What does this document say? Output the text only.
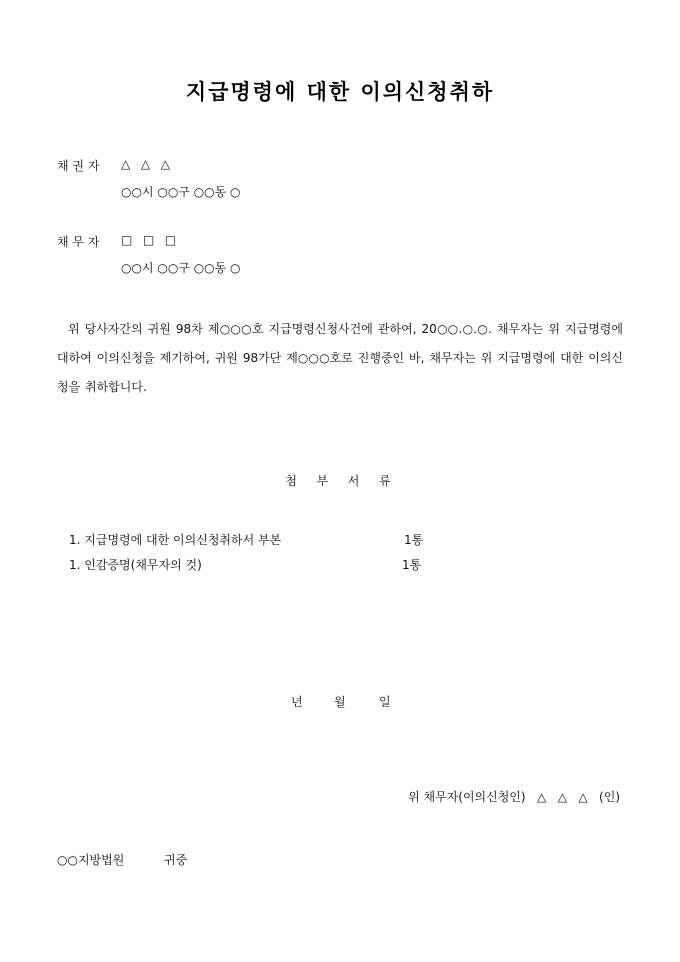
지급명령에 대한 이의신청취하
채 권 자 △  △  △
○○시 ○○구 ○○동 ○
채 무 자 □  □  □
○○시 ○○구 ○○동 ○
위 당사자간의 귀원 98차 제○○○호 지급명령신청사건에 관하여, 20○○.○.○. 채무자는 위 지급명령에 대하여 이의신청을 제기하여, 귀원 98가단 제○○○호로 진행중인 바, 채무자는 위 지급명령에 대한 이의신청을 취하합니다.
첨  부  서  류
1. 지급명령에 대한 이의신청취하서 부본	1통
1. 인감증명(채무자의 것)	1통
년	월	일
위 채무자(이의신청인)   △   △   △   (인)
○○지방법원	귀중
